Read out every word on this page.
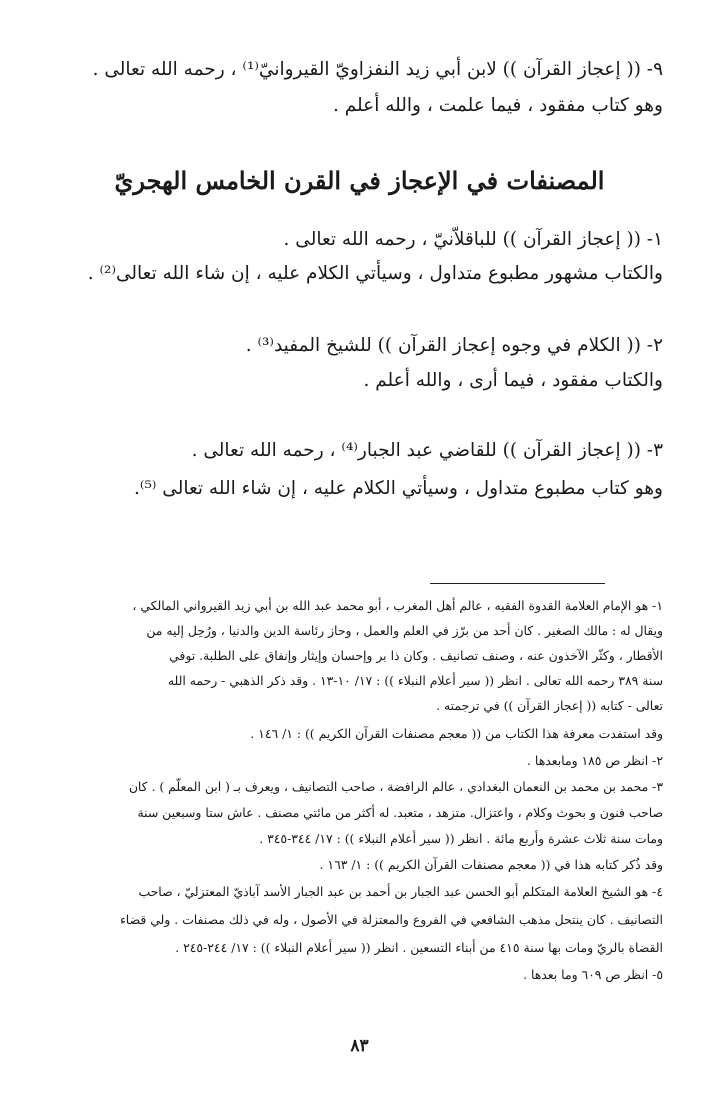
٩- (( إعجاز القرآن )) لابن أبي زيد النفزاويّ القيروانيّ⁽¹⁾ ، رحمه الله تعالى .
وهو كتاب مفقود ، فيما علمت ، والله أعلم .
المصنفات في الإعجاز في القرن الخامس الهجريّ
١- (( إعجاز القرآن )) للباقلاّنيّ ، رحمه الله تعالى .
والكتاب مشهور مطبوع متداول ، وسيأتي الكلام عليه ، إن شاء الله تعالى⁽²⁾ .
٢- (( الكلام في وجوه إعجاز القرآن )) للشيخ المفيد⁽³⁾ .
والكتاب مفقود ، فيما أرى ، والله أعلم .
٣- (( إعجاز القرآن )) للقاضي عبد الجبار⁽⁴⁾ ، رحمه الله تعالى .
وهو كتاب مطبوع متداول ، وسيأتي الكلام عليه ، إن شاء الله تعالى ⁽⁵⁾.
١- هو الإمام العلامة القدوة الفقيه ، عالم أهل المغرب ، أبو محمد عبد الله بن أبي زيد القيرواني المالكي ،
ويقال له : مالك الصغير . كان أحد من برّز في العلم والعمل ، وحاز رئاسة الدين والدنيا ، ورُحِل إليه من
الأقطار ، وكثّر الآخذون عنه ، وصنف تصانيف . وكان ذا بر وإحسان وإيثار وإنفاق على الطلبة. توفي
سنة ٣٨٩ رحمه الله تعالى . انظر (( سير أعلام النبلاء )) : ١٧/ ١٠-١٣ . وقد ذكر الذهبي - رحمه الله
تعالى - كتابه (( إعجاز القرآن )) في ترجمته .
وقد استفدت معرفة هذا الكتاب من (( معجم مصنفات القرآن الكريم )) : ١/ ١٤٦ .
٢- انظر ص ١٨٥ ومابعدها .
٣- محمد بن محمد بن النعمان البغدادي ، عالم الرافضة ، صاحب التصانيف ، ويعرف بـ ( ابن المعلّم ) . كان
صاحب فنون و بحوث وكلام ، واعتزال. متزهد ، متعبد. له أكثر من مائتي مصنف . عاش ستا وسبعين سنة
ومات سنة ثلاث عشرة وأربع مائة . انظر (( سير أعلام النبلاء )) : ١٧/ ٣٤٤-٣٤٥ .
وقد ذُكر كتابه هذا في (( معجم مصنفات القرآن الكريم )) : ١/ ١٦٣ .
٤- هو الشيخ العلامة المتكلم أبو الحسن عبد الجبار بن أحمد بن عبد الجبار الأسد آباذيّ المعتزليّ ، صاحب
التصانيف . كان ينتحل مذهب الشافعي في الفروع والمعتزلة في الأصول ، وله في ذلك مصنفات . ولي قضاء
القضاة بالريّ ومات بها سنة ٤١٥ من أبناء التسعين . انظر (( سير أعلام النبلاء )) : ١٧/ ٢٤٤-٢٤٥ .
٥- انظر ص ٦٠٩ وما بعدها .
٨٣
